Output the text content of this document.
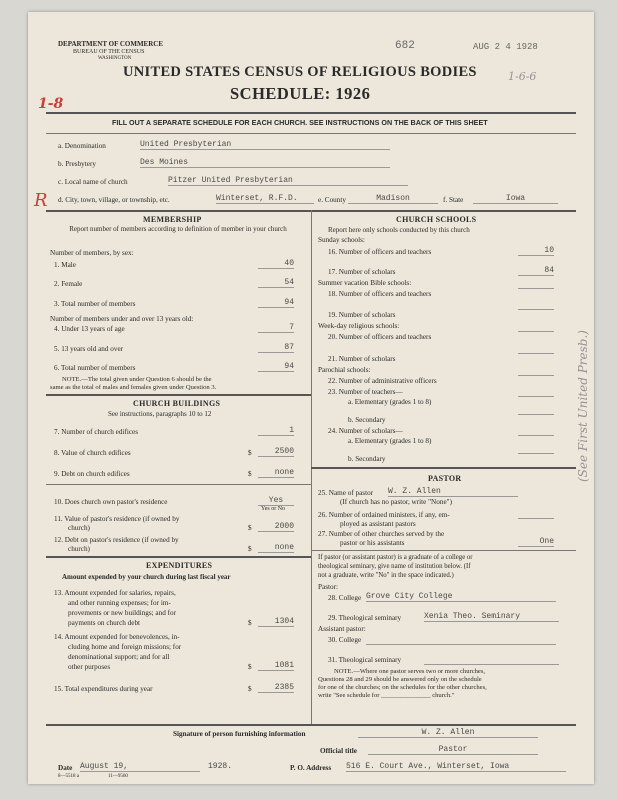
DEPARTMENT OF COMMERCE
BUREAU OF THE CENSUS
WASHINGTON
682	AUG 2 4 1928
1-6-6
UNITED STATES CENSUS OF RELIGIOUS BODIES
SCHEDULE: 1926
1-8
R
FILL OUT A SEPARATE SCHEDULE FOR EACH CHURCH. SEE INSTRUCTIONS ON THE BACK OF THIS SHEET
a. Denomination	United Presbyterian
b. Presbytery	Des Moines
c. Local name of church	Pitzer United Presbyterian
d. City, town, village, or township, etc.	Winterset, R.F.D.	e. County	Madison	f. State	Iowa
MEMBERSHIP
Report number of members according to definition of member in your church
Number of members, by sex:
1. Male	40
2. Female	54
3. Total number of members	94
Number of members under and over 13 years old:
4. Under 13 years of age	7
5. 13 years old and over	87
6. Total number of members	94
NOTE.—The total given under Question 6 should be the
same as the total of males and females given under Question 3.
CHURCH BUILDINGS
See instructions, paragraphs 10 to 12
7. Number of church edifices	1
8. Value of church edifices	$	2500
9. Debt on church edifices	$	none
10. Does church own pastor's residence	Yes
Yes or No
11. Value of pastor's residence (if owned by
church)	$	2000
12. Debt on pastor's residence (if owned by
church)	$	none
EXPENDITURES
Amount expended by your church during last fiscal year
13. Amount expended for salaries, repairs,
and other running expenses; for im-
provements or new buildings; and for
payments on church debt	$	1304
14. Amount expended for benevolences, in-
cluding home and foreign missions; for
denominational support; and for all
other purposes	$	1081
15. Total expenditures during year	$	2385
CHURCH SCHOOLS
Report here only schools conducted by this church
Sunday schools:
16. Number of officers and teachers	10
17. Number of scholars	84
Summer vacation Bible schools:
18. Number of officers and teachers
19. Number of scholars
Week-day religious schools:
20. Number of officers and teachers
21. Number of scholars
Parochial schools:
22. Number of administrative officers
23. Number of teachers—
a. Elementary (grades 1 to 8)
b. Secondary
24. Number of scholars—
a. Elementary (grades 1 to 8)
b. Secondary
PASTOR
25. Name of pastor W. Z. Allen
(If church has no pastor, write "None")
26. Number of ordained ministers, if any, em-
ployed as assistant pastors
27. Number of other churches served by the
pastor or his assistants	One
If pastor (or assistant pastor) is a graduate of a college or
theological seminary, give name of institution below. (If
not a graduate, write "No" in the space indicated.)
Pastor:
28. College Grove City College
29. Theological seminary	Xenia Theo. Seminary
Assistant pastor:
30. College
31. Theological seminary
NOTE.—Where one pastor serves two or more churches,
Questions 28 and 29 should be answered only on the schedule
for one of the churches; on the schedules for the other churches,
write "See schedule for _______________ church."
(See First United Presb.)
Signature of person furnishing information	W. Z. Allen
Official title	Pastor
Date August 19,	1928.	P. O. Address 516 E. Court Ave., Winterset, Iowa
8—5518 a	11—9560
